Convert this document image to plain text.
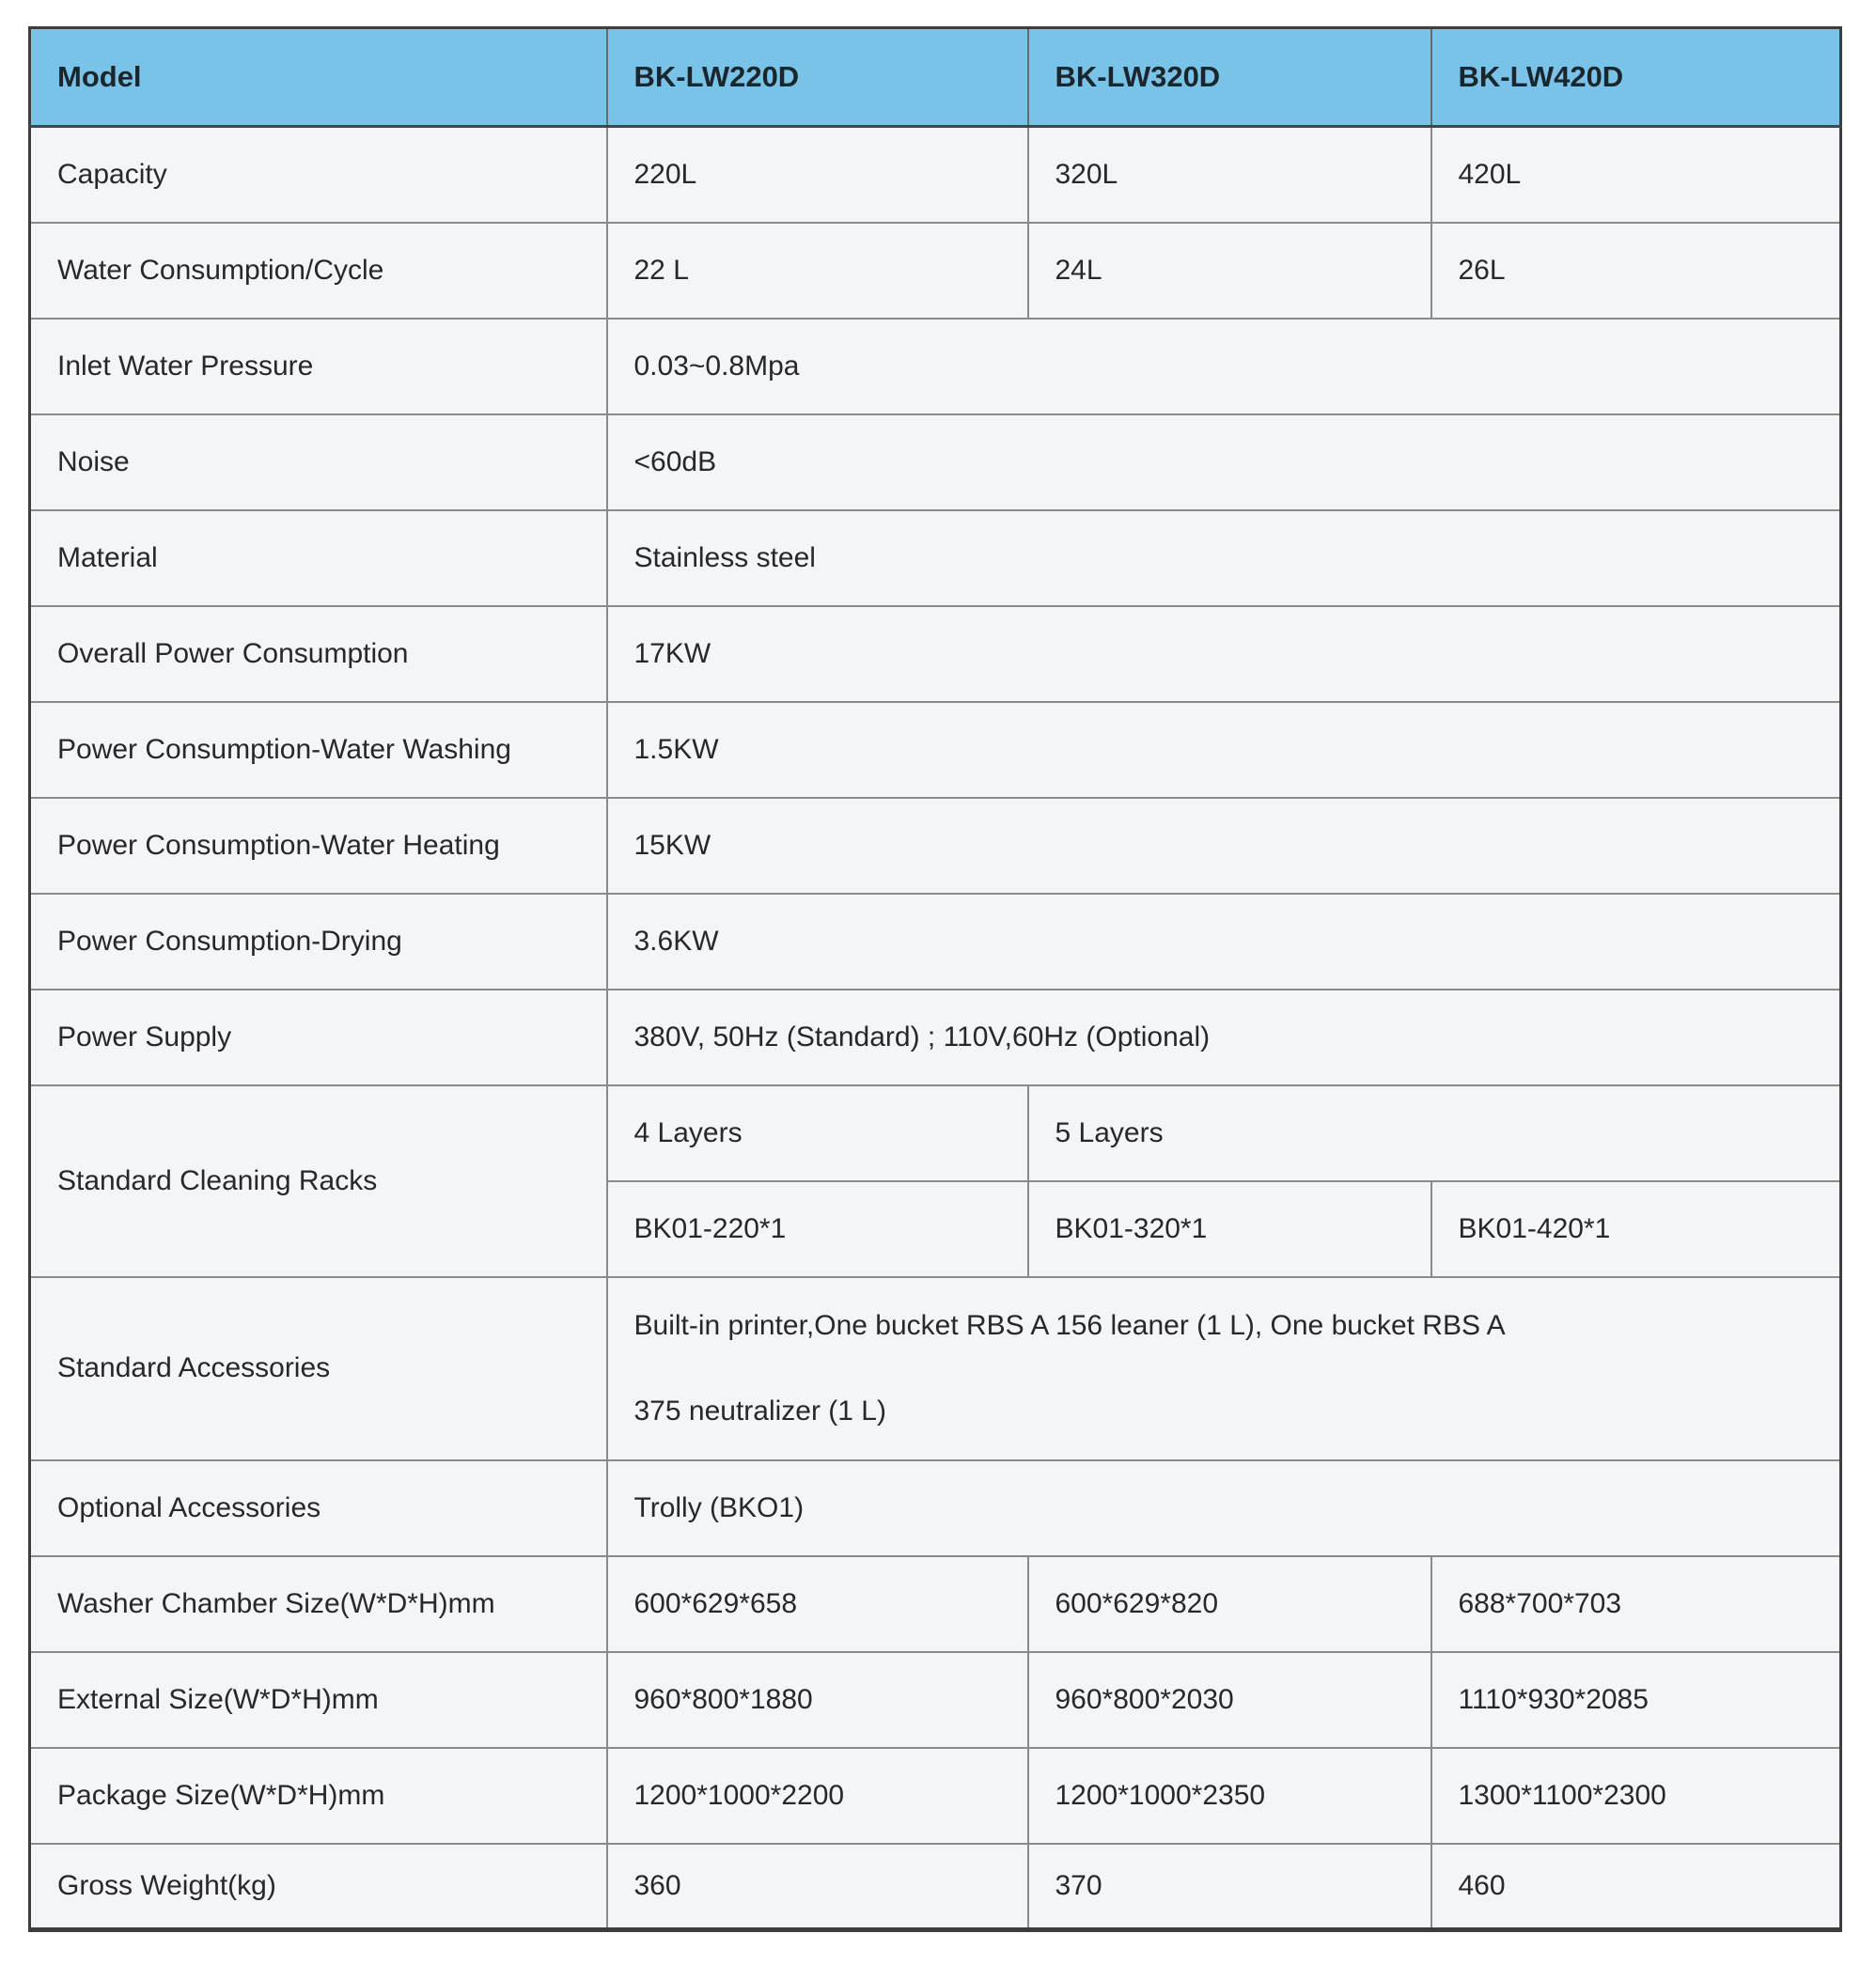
Model	BK-LW220D	BK-LW320D	BK-LW420D
Capacity	220L	320L	420L
Water Consumption/Cycle	22 L	24L	26L
Inlet Water Pressure	0.03~0.8Mpa		
Noise	<60dB		
Material	Stainless steel		
Overall Power Consumption	17KW		
Power Consumption-Water Washing	1.5KW		
Power Consumption-Water Heating	15KW		
Power Consumption-Drying	3.6KW		
Power Supply	380V, 50Hz (Standard) ; 110V,60Hz (Optional)		
Standard Cleaning Racks	4 Layers	5 Layers	
	BK01-220*1	BK01-320*1	BK01-420*1
Standard Accessories	Built-in printer,One bucket RBS A 156 leaner (1 L), One bucket RBS A
375 neutralizer (1 L)		

Optional Accessories	Trolly (BKO1)		
Washer Chamber Size(W*D*H)mm	600*629*658	600*629*820	688*700*703
External Size(W*D*H)mm	960*800*1880	960*800*2030	1110*930*2085
Package Size(W*D*H)mm	1200*1000*2200	1200*1000*2350	1300*1100*2300
Gross Weight(kg)	360	370	460
